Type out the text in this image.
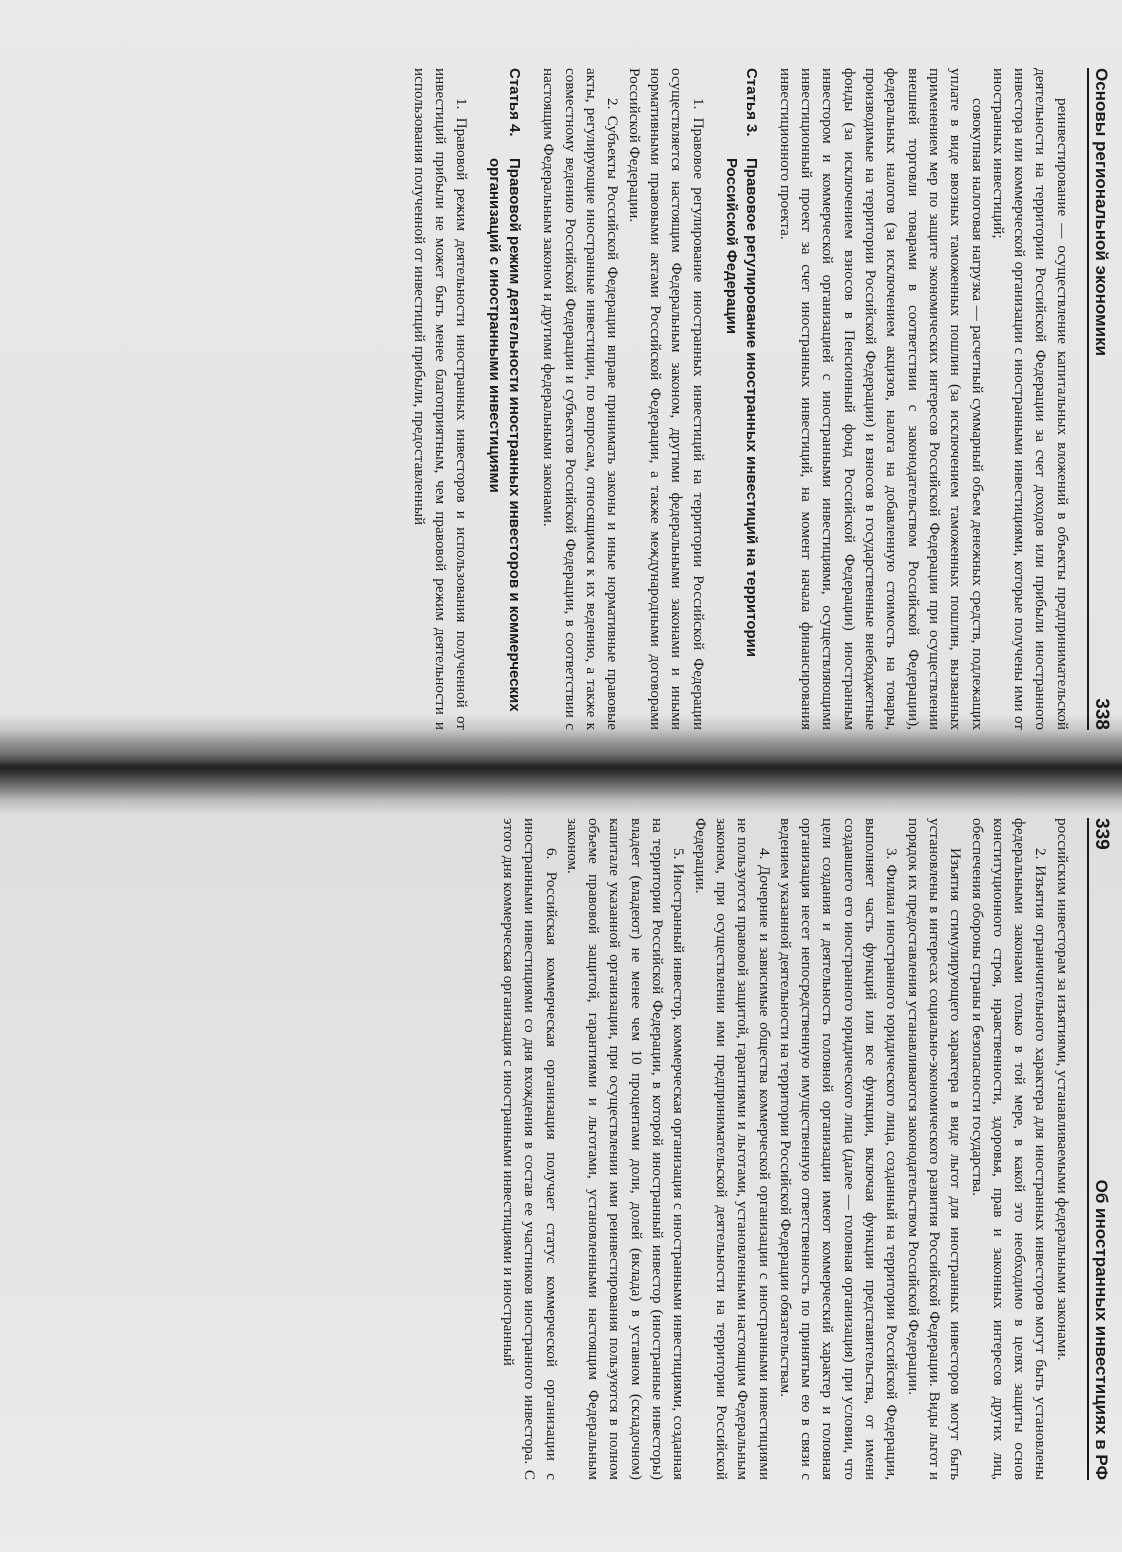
Основы региональной экономики
338

реинвестирование — осуществление капитальных вложений в объекты предпринимательской деятельности на территории Российской Федерации за счет доходов или прибыли иностранного инвестора или коммерческой организации с иностранными инвестициями, которые получены ими от иностранных инвестиций;

совокупная налоговая нагрузка — расчетный суммарный объем денежных средств, подлежащих уплате в виде ввозных таможенных пошлин (за исключением таможенных пошлин, вызванных применением мер по защите экономических интересов Российской Федерации при осуществлении внешней торговли товарами в соответствии с законодательством Российской Федерации), федеральных налогов (за исключением акцизов, налога на добавленную стоимость на товары, производимые на территории Российской Федерации) и взносов в государственные внебюджетные фонды (за исключением взносов в Пенсионный фонд Российской Федерации) иностранным инвестором и коммерческой организацией с иностранными инвестициями, осуществляющими инвестиционный проект за счет иностранных инвестиций, на момент начала финансирования инвестиционного проекта.

Статья 3.
Правовое регулирование иностранных инвестиций на территории Российской Федерации

1. Правовое регулирование иностранных инвестиций на территории Российской Федерации осуществляется настоящим Федеральным законом, другими федеральными законами и иными нормативными правовыми актами Российской Федерации, а также международными договорами Российской Федерации.

2. Субъекты Российской Федерации вправе принимать законы и иные нормативные правовые акты, регулирующие иностранные инвестиции, по вопросам, относящимся к их ведению, а также к совместному ведению Российской Федерации и субъектов Российской Федерации, в соответствии с настоящим Федеральным законом и другими федеральными законами.

Статья 4.
Правовой режим деятельности иностранных инвесторов и коммерческих организаций с иностранными инвестициями

1. Правовой режим деятельности иностранных инвесторов и использования полученной от инвестиций прибыли не может быть менее благоприятным, чем правовой режим деятельности и использования полученной от инвестиций прибыли, предоставленный

339
Об иностранных инвестициях в РФ

российским инвесторам за изъятиями, устанавливаемыми федеральными законами.

2. Изъятия ограничительного характера для иностранных инвесторов могут быть установлены федеральными законами только в той мере, в какой это необходимо в целях защиты основ конституционного строя, нравственности, здоровья, прав и законных интересов других лиц, обеспечения обороны страны и безопасности государства.

Изъятия стимулирующего характера в виде льгот для иностранных инвесторов могут быть установлены в интересах социально-экономического развития Российской Федерации. Виды льгот и порядок их предоставления устанавливаются законодательством Российской Федерации.

3. Филиал иностранного юридического лица, созданный на территории Российской Федерации, выполняет часть функций или все функции, включая функции представительства, от имени создавшего его иностранного юридического лица (далее — головная организация) при условии, что цели создания и деятельность головной организации имеют коммерческий характер и головная организация несет непосредственную имущественную ответственность по принятым ею в связи с ведением указанной деятельности на территории Российской Федерации обязательствам.

4. Дочерние и зависимые общества коммерческой организации с иностранными инвестициями не пользуются правовой защитой, гарантиями и льготами, установленными настоящим Федеральным законом, при осуществлении ими предпринимательской деятельности на территории Российской Федерации.

5. Иностранный инвестор, коммерческая организация с иностранными инвестициями, созданная на территории Российской Федерации, в которой иностранный инвестор (иностранные инвесторы) владеет (владеют) не менее чем 10 процентами доли, долей (вклада) в уставном (складочном) капитале указанной организации, при осуществлении ими реинвестирования пользуются в полном объеме правовой защитой, гарантиями и льготами, установленными настоящим Федеральным законом.

6. Российская коммерческая организация получает статус коммерческой организации с иностранными инвестициями со дня вхождения в состав ее участников иностранного инвестора. С этого дня коммерческая организация с иностранными инвестициями и иностранный
